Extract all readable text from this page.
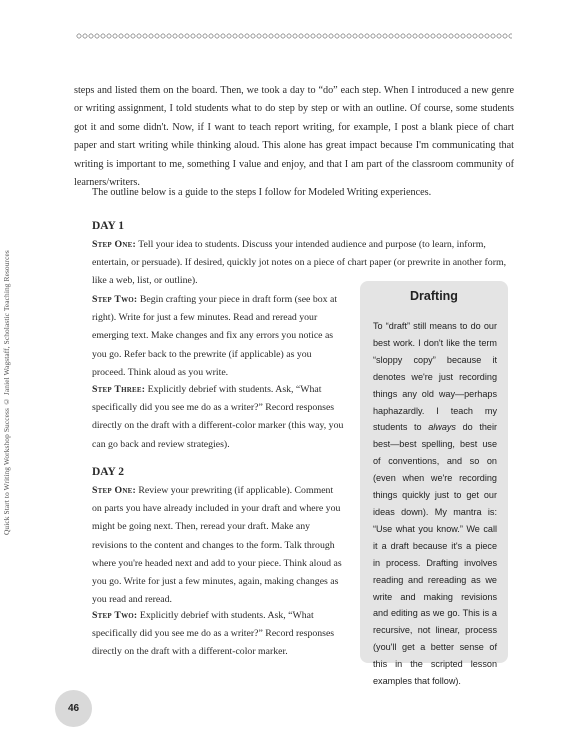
Quick Start to Writing Workshop Success © Janiel Wagstaff, Scholastic Teaching Resources

steps and listed them on the board. Then, we took a day to “do” each step. When I introduced a new genre or writing assignment, I told students what to do step by step or with an outline. Of course, some students got it and some didn't. Now, if I want to teach report writing, for example, I post a blank piece of chart paper and start writing while thinking aloud. This alone has great impact because I'm communicating that writing is important to me, something I value and enjoy, and that I am part of the classroom community of learners/writers.

The outline below is a guide to the steps I follow for Modeled Writing experiences.

DAY 1

Step One: Tell your idea to students. Discuss your intended audience and purpose (to learn, inform, entertain, or persuade). If desired, quickly jot notes on a piece of chart paper (or prewrite in another form, like a web, list, or outline).

Step Two: Begin crafting your piece in draft form (see box at right). Write for just a few minutes. Read and reread your emerging text. Make changes and fix any errors you notice as you go. Refer back to the prewrite (if applicable) as you proceed. Think aloud as you write.

Step Three: Explicitly debrief with students. Ask, “What specifically did you see me do as a writer?” Record responses directly on the draft with a different-color marker (this way, you can go back and review strategies).

DAY 2

Step One: Review your prewriting (if applicable). Comment on parts you have already included in your draft and where you might be going next. Then, reread your draft. Make any revisions to the content and changes to the form. Talk through where you're headed next and add to your piece. Think aloud as you go. Write for just a few minutes, again, making changes as you read and reread.

Step Two: Explicitly debrief with students. Ask, “What specifically did you see me do as a writer?” Record responses directly on the draft with a different-color marker.

Drafting

To “draft” still means to do our best work. I don't like the term “sloppy copy” because it denotes we're just recording things any old way—perhaps haphazardly. I teach my students to always do their best—best spelling, best use of conventions, and so on (even when we're recording things quickly just to get our ideas down). My mantra is: “Use what you know.” We call it a draft because it's a piece in process. Drafting involves reading and rereading as we write and making revisions and editing as we go. This is a recursive, not linear, process (you'll get a better sense of this in the scripted lesson examples that follow).

46
